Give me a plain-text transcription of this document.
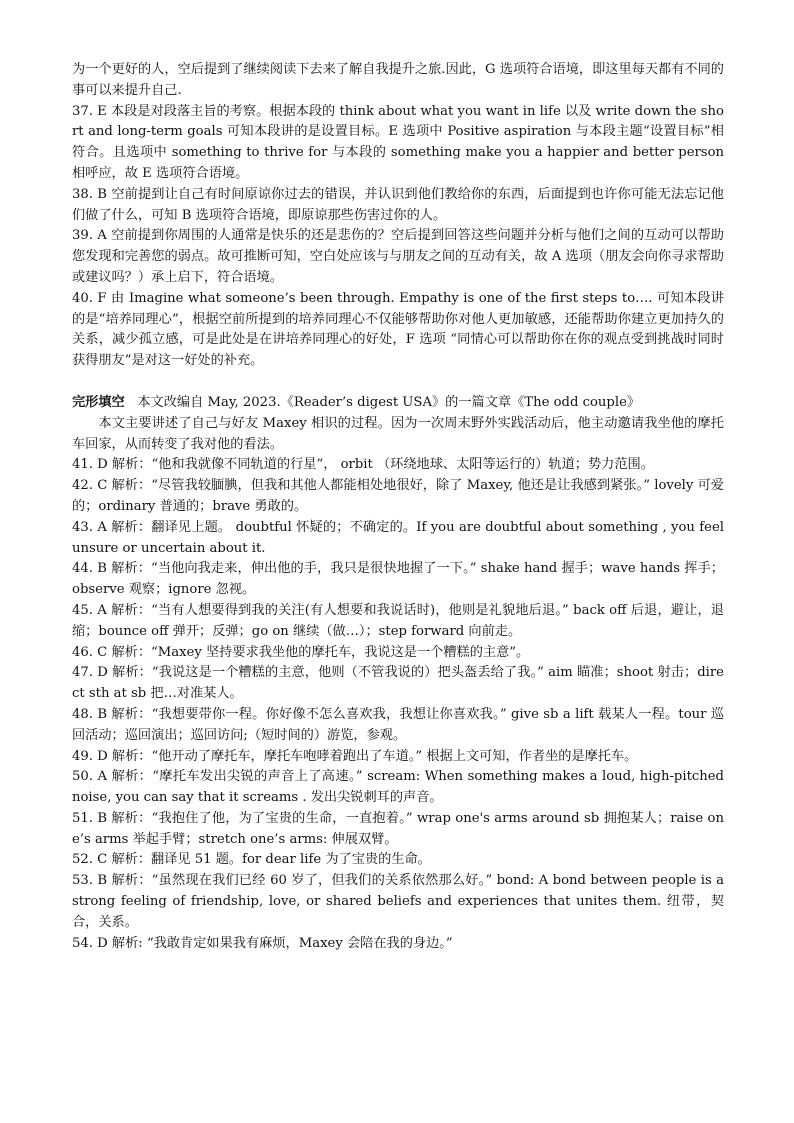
为一个更好的人，空后提到了继续阅读下去来了解自我提升之旅.因此，G 选项符合语境，即这里每天都有不同的事可以来提升自己.

37. E 本段是对段落主旨的考察。根据本段的 think about what you want in life 以及 write down the short and long-term goals 可知本段讲的是设置目标。E 选项中 Positive aspiration 与本段主题“设置目标”相符合。且选项中 something to thrive for 与本段的 something make you a happier and better person 相呼应，故 E 选项符合语境。

38. B 空前提到让自己有时间原谅你过去的错误，并认识到他们教给你的东西，后面提到也许你可能无法忘记他们做了什么，可知 B 选项符合语境，即原谅那些伤害过你的人。

39. A 空前提到你周围的人通常是快乐的还是悲伤的？空后提到回答这些问题并分析与他们之间的互动可以帮助您发现和完善您的弱点。故可推断可知，空白处应该与与朋友之间的互动有关，故 A 选项（朋友会向你寻求帮助或建议吗？）承上启下，符合语境。

40. F 由 Imagine what someone’s been through. Empathy is one of the first steps to…. 可知本段讲的是“培养同理心”，根据空前所提到的培养同理心不仅能够帮助你对他人更加敏感，还能帮助你建立更加持久的关系，减少孤立感，可是此处是在讲培养同理心的好处，F 选项 “同情心可以帮助你在你的观点受到挑战时同时获得朋友”是对这一好处的补充。

完形填空 本文改编自 May, 2023.《Reader’s digest USA》的一篇文章《The odd couple》

本文主要讲述了自己与好友 Maxey 相识的过程。因为一次周末野外实践活动后，他主动邀请我坐他的摩托车回家，从而转变了我对他的看法。

41. D 解析：“他和我就像不同轨道的行星”， orbit （环绕地球、太阳等运行的）轨道；势力范围。

42. C 解析：“尽管我较腼腆，但我和其他人都能相处地很好，除了 Maxey, 他还是让我感到紧张。” lovely 可爱的；ordinary 普通的；brave 勇敢的。

43. A 解析：翻译见上题。 doubtful 怀疑的；不确定的。If you are doubtful about something , you feel unsure or uncertain about it.

44. B 解析：“当他向我走来，伸出他的手，我只是很快地握了一下。” shake hand 握手；wave hands 挥手；observe 观察；ignore 忽视。

45. A 解析：“当有人想要得到我的关注(有人想要和我说话时)，他则是礼貌地后退。” back off 后退，避让，退缩；bounce off 弹开；反弹；go on 继续（做…）；step forward 向前走。

46. C 解析：“Maxey 坚持要求我坐他的摩托车，我说这是一个糟糕的主意”。

47. D 解析：“我说这是一个糟糕的主意，他则（不管我说的）把头盔丢给了我。” aim 瞄准；shoot 射击；direct sth at sb 把…对准某人。

48. B 解析：“我想要带你一程。你好像不怎么喜欢我，我想让你喜欢我。” give sb a lift 载某人一程。tour 巡回活动；巡回演出；巡回访问;（短时间的）游览，参观。

49. D 解析：“他开动了摩托车，摩托车咆哮着跑出了车道。” 根据上文可知，作者坐的是摩托车。

50. A 解析：“摩托车发出尖锐的声音上了高速。” scream: When something makes a loud, high-pitched noise, you can say that it screams . 发出尖锐刺耳的声音。

51. B 解析：“我抱住了他，为了宝贵的生命，一直抱着。” wrap one's arms around sb 拥抱某人；raise one’s arms 举起手臂；stretch one’s arms: 伸展双臂。

52. C 解析：翻译见 51 题。for dear life 为了宝贵的生命。

53. B 解析：“虽然现在我们已经 60 岁了，但我们的关系依然那么好。” bond: A bond between people is a strong feeling of friendship, love, or shared beliefs and experiences that unites them. 纽带，契合，关系。

54. D 解析: “我敢肯定如果我有麻烦，Maxey 会陪在我的身边。”
